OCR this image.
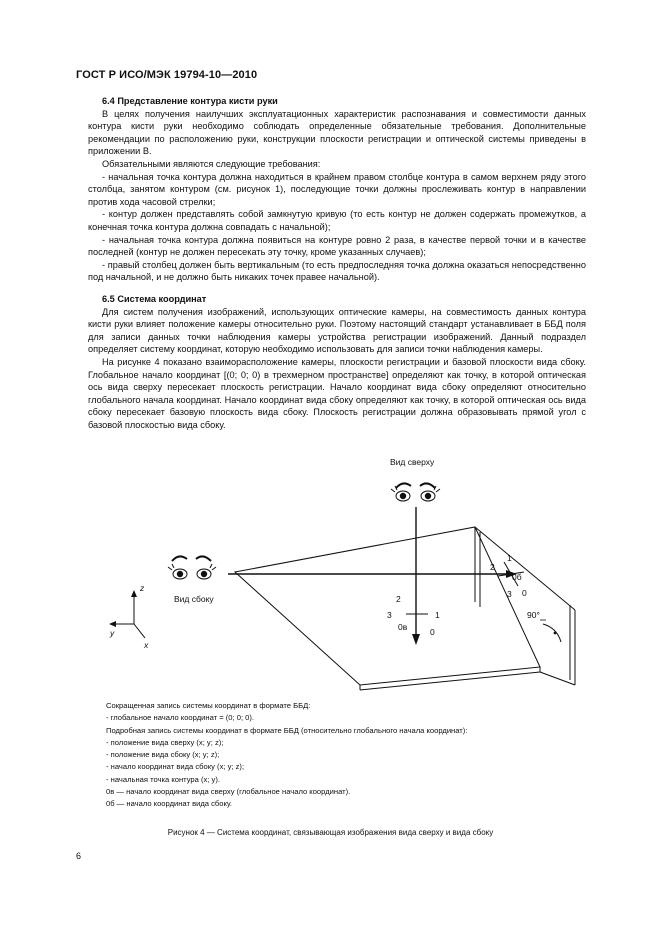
ГОСТ Р ИСО/МЭК 19794-10—2010

6.4 Представление контура кисти руки

В целях получения наилучших эксплуатационных характеристик распознавания и совместимости данных контура кисти руки необходимо соблюдать определенные обязательные требования. Дополнительные рекомендации по расположению руки, конструкции плоскости регистрации и оптической системы приведены в приложении В.

Обязательными являются следующие требования:

- начальная точка контура должна находиться в крайнем правом столбце контура в самом верхнем ряду этого столбца, занятом контуром (см. рисунок 1), последующие точки должны прослеживать контур в направлении против хода часовой стрелки;

- контур должен представлять собой замкнутую кривую (то есть контур не должен содержать промежутков, а конечная точка контура должна совпадать с начальной);

- начальная точка контура должна появиться на контуре ровно 2 раза, в качестве первой точки и в качестве последней (контур не должен пересекать эту точку, кроме указанных случаев);

- правый столбец должен быть вертикальным (то есть предпоследняя точка должна оказаться непосредственно под начальной, и не должно быть никаких точек правее начальной).

6.5 Система координат

Для систем получения изображений, использующих оптические камеры, на совместимость данных контура кисти руки влияет положение камеры относительно руки. Поэтому настоящий стандарт устанавливает в ББД поля для записи данных точки наблюдения камеры устройства регистрации изображений. Данный подраздел определяет систему координат, которую необходимо использовать для записи точки наблюдения камеры.

На рисунке 4 показано взаиморасположение камеры, плоскости регистрации и базовой плоскости вида сбоку. Глобальное начало координат [(0; 0; 0) в трехмерном пространстве] определяют как точку, в которой оптическая ось вида сверху пересекает плоскость регистрации. Начало координат вида сбоку определяют относительно глобального начала координат. Начало координат вида сбоку определяют как точку, в которой оптическая ось вида сбоку пересекает базовую плоскость вида сбоку. Плоскость регистрации должна образовывать прямой угол с базовой плоскостью вида сбоку.

Вид сверху
Вид сбоку
z
y
x
90°
2
3	1
0
0в
1
2
3 0
0б
Сокращенная запись системы координат в формате ББД:
- глобальное начало координат = (0; 0; 0).
Подробная запись системы координат в формате ББД (относительно глобального начала координат):
- положение вида сверху (x; y; z);
- положение вида сбоку (x; y; z);
- начало координат вида сбоку (x; y; z);
- начальная точка контура (x; y).
0в — начало координат вида сверху (глобальное начало координат).
0б — начало координат вида сбоку.
Рисунок 4 — Система координат, связывающая изображения вида сверху и вида сбоку
6
